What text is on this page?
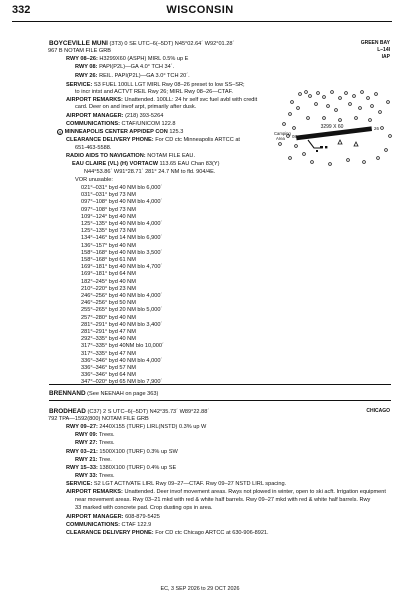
332	WISCONSIN
GREEN BAY
L–14I
IAP
BOYCEVILLE MUNI (3T3) 0 SE UTC–6(–5DT) N45°02.64´ W92°01.28´
967 B NOTAM FILE GRB
RWY 08–26: H3299X60 (ASPH) MIRL 0.5% up E
RWY 08: PAPI(P2L)—GA 4.0° TCH 34´.
RWY 26: REIL. PAPI(P2L)—GA 3.0° TCH 20´.
SERVICE: S3 FUEL 100LL LGT MIRL Rwy 08–26 preset to low SS–SR;
to incr intst and ACTVT REIL Rwy 26; MIRL Rwy 08–26—CTAF.
AIRPORT REMARKS: Unattended. 100LL: 24 hr self svc fuel avbl with credit
card. Deer on and invof arpt, primarily after dusk.
AIRPORT MANAGER: (218) 393-5264
COMMUNICATIONS: CTAF/UNICOM 122.8
R MINNEAPOLIS CENTER APP/DEP CON 125.3
CLEARANCE DELIVERY PHONE: For CD ctc Minneapolis ARTCC at
651-463-5588.
RADIO AIDS TO NAVIGATION: NOTAM FILE EAU.
EAU CLAIRE (VL) (H) VORTACW 113.65 EAU Chan 83(Y)
N44°53.86´ W91°28.71´ 281° 24.7 NM to fld. 904/4E.
VOR unusable:
021°–031° byd 40 NM blo 6,000´
031°–031° byd 73 NM
097°–108° byd 40 NM blo 4,000´
097°–108° byd 73 NM
109°–124° byd 40 NM
125°–135° byd 40 NM blo 4,000´
125°–135° byd 73 NM
134°–146° byd 14 NM blo 6,900´
136°–157° byd 40 NM
158°–168° byd 40 NM blo 3,500´
158°–168° byd 61 NM
169°–181° byd 40 NM blo 4,700´
169°–181° byd 64 NM
182°–245° byd 40 NM
210°–220° byd 23 NM
246°–256° byd 40 NM blo 4,000´
246°–256° byd 50 NM
255°–265° byd 20 NM blo 5,000´
257°–280° byd 40 NM
281°–291° byd 40 NM blo 3,400´
281°–291° byd 47 NM
292°–335° byd 40 NM
317°–335° byd 40NM blo 10,000´
317°–335° byd 47 NM
336°–346° byd 40 NM blo 4,000´
336°–346° byd 57 NM
336°–346° byd 64 NM
347°–020° byd 65 NM blo 7,900´
3299 X 60
08
26
Camping
Area
BRENNAND (See NEENAH on page 363)
CHICAGO
BRODHEAD (C37) 2 S UTC–6(–5DT) N42°35.73´ W89°22.88´
792 TPA—1592(800) NOTAM FILE GRB
RWY 09–27: 2440X155 (TURF) LIRL(NSTD) 0.3% up W
RWY 09: Trees.
RWY 27: Trees.
RWY 03–21: 1500X100 (TURF) 0.3% up SW
RWY 21: Tree.
RWY 15–33: 1380X100 (TURF) 0.4% up SE
RWY 33: Trees.
SERVICE: S2 LGT ACTIVATE LIRL Rwy 09–27—CTAF. Rwy 09–27 NSTD LIRL spacing.
AIRPORT REMARKS: Unattended. Deer invof movement areas. Rwys not plowed in winter, open to ski acft. Irrigation equipment
near movement areas. Rwy 03–21 mkd with red & white half barrels. Rwy 09–27 mkd with red & white half barrels. Rwy
33 marked with concrete pad. Crop dusting ops in area.
AIRPORT MANAGER: 608-879-5425
COMMUNICATIONS: CTAF 122.9
CLEARANCE DELIVERY PHONE: For CD ctc Chicago ARTCC at 630-906-8921.
EC, 3 SEP 2026 to 29 OCT 2026
